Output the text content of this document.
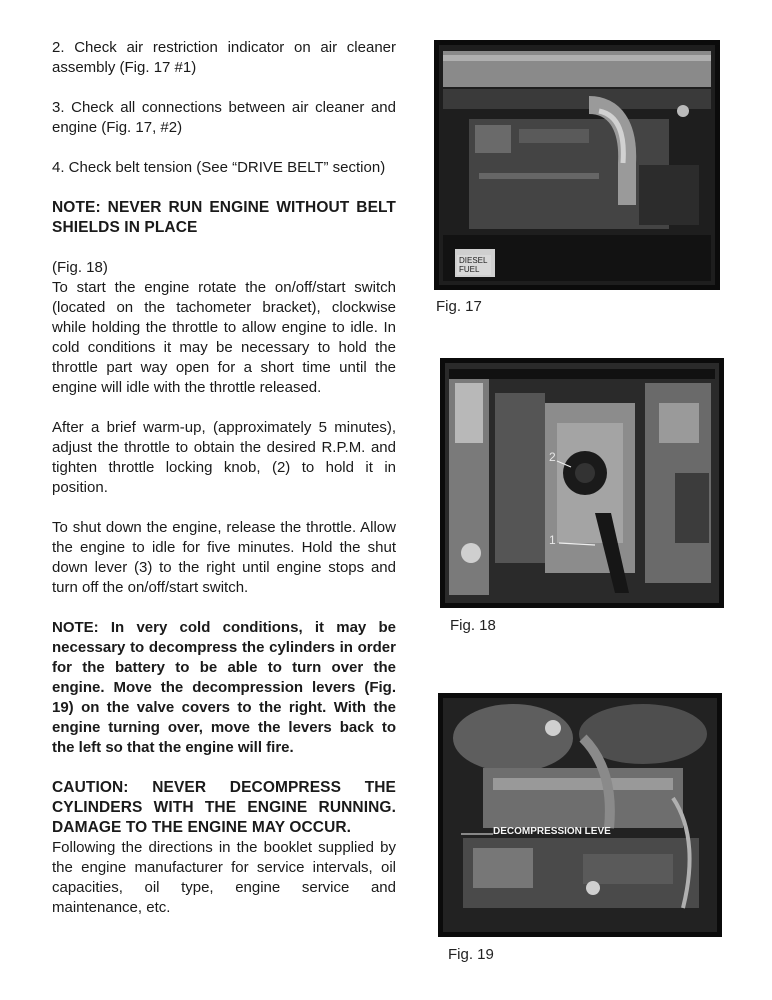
2. Check air restriction indicator on air cleaner assembly (Fig. 17 #1)

3. Check all connections between air cleaner and engine (Fig. 17, #2)

4. Check belt tension (See “DRIVE BELT” section)

NOTE: NEVER RUN ENGINE WITHOUT BELT SHIELDS IN PLACE

(Fig. 18)

To start the engine rotate the on/off/start switch (located on the tachometer bracket), clockwise while holding the throttle to allow engine to idle. In cold conditions it may be necessary to hold the throttle part way open for a short time until the engine will idle with the throttle released.

After a brief warm-up, (approximately 5 minutes), adjust the throttle to obtain the desired R.P.M. and tighten throttle locking knob, (2) to hold it in position.

To shut down the engine, release the throttle. Allow the engine to idle for five minutes. Hold the shut down lever (3) to the right until engine stops and turn off the on/off/start switch.

NOTE: In very cold conditions, it may be necessary to decompress the cylinders in order for the battery to be able to turn over the engine. Move the decompression levers (Fig. 19) on the valve covers to the right. With the engine turning over, move the levers back to the left so that the engine will fire.

CAUTION: NEVER DECOMPRESS THE CYLINDERS WITH THE ENGINE RUNNING. DAMAGE TO THE ENGINE MAY OCCUR.

Following the directions in the booklet supplied by the engine manufacturer for service intervals, oil capacities, oil type, engine service and maintenance, etc.

DIESEL FUEL
Fig. 17
2
1
Fig. 18
DECOMPRESSION LEVE
Fig. 19
